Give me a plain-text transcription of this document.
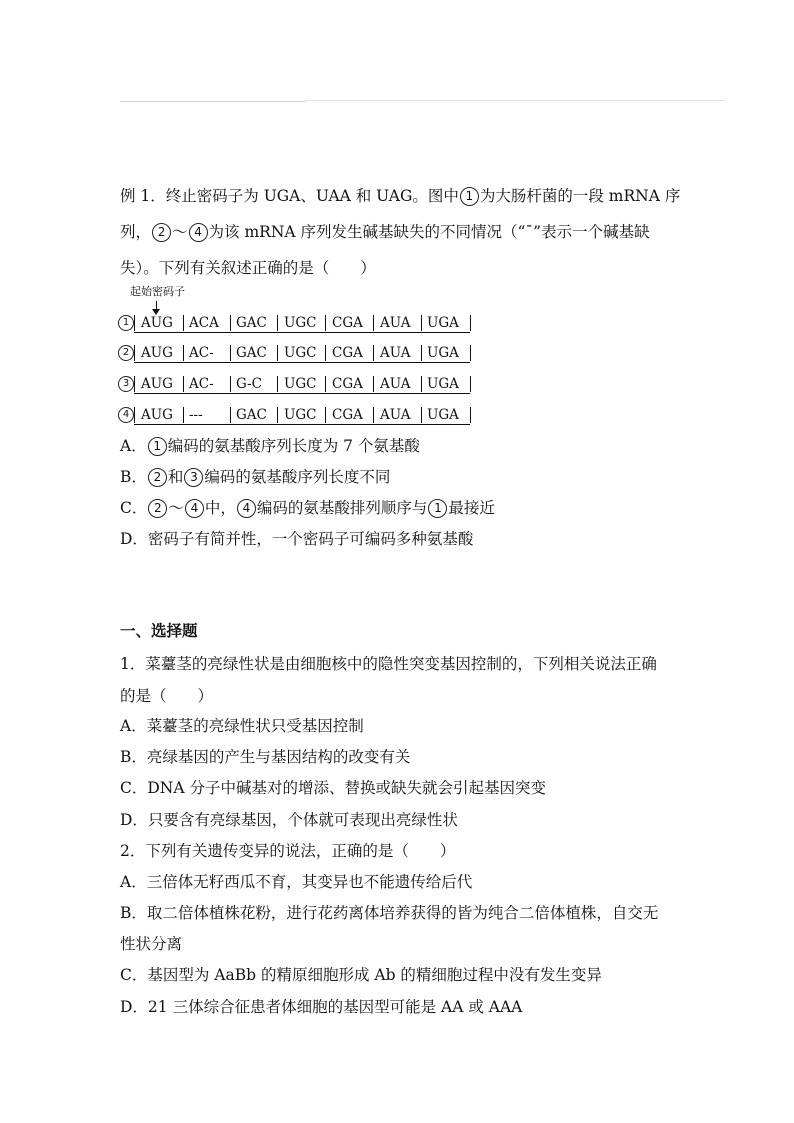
例 1．终止密码子为 UGA、UAA 和 UAG。图中 1 为大肠杆菌的一段 mRNA 序
列， 2 ～ 4 为该 mRNA 序列发生碱基缺失的不同情况（“ˉ”表示一个碱基缺
失）。下列有关叙述正确的是（　　）
起始密码子
1 AUG ACA GAC UGC CGA AUA UGA
2 AUG AC- GAC UGC CGA AUA UGA
3 AUG AC- G-C UGC CGA AUA UGA
4 AUG --- GAC UGC CGA AUA UGA
A． 1 编码的氨基酸序列长度为 7 个氨基酸
B． 2 和 3 编码的氨基酸序列长度不同
C． 2 ～ 4 中， 4 编码的氨基酸排列顺序与 1 最接近
D．密码子有简并性，一个密码子可编码多种氨基酸
一、选择题
1．菜薹茎的亮绿性状是由细胞核中的隐性突变基因控制的，下列相关说法正确
的是（　　）
A．菜薹茎的亮绿性状只受基因控制
B．亮绿基因的产生与基因结构的改变有关
C．DNA 分子中碱基对的增添、替换或缺失就会引起基因突变
D．只要含有亮绿基因，个体就可表现出亮绿性状
2．下列有关遗传变异的说法，正确的是（　　）
A．三倍体无籽西瓜不育，其变异也不能遗传给后代
B．取二倍体植株花粉，进行花药离体培养获得的皆为纯合二倍体植株，自交无
性状分离
C．基因型为 AaBb 的精原细胞形成 Ab 的精细胞过程中没有发生变异
D．21 三体综合征患者体细胞的基因型可能是 AA 或 AAA
